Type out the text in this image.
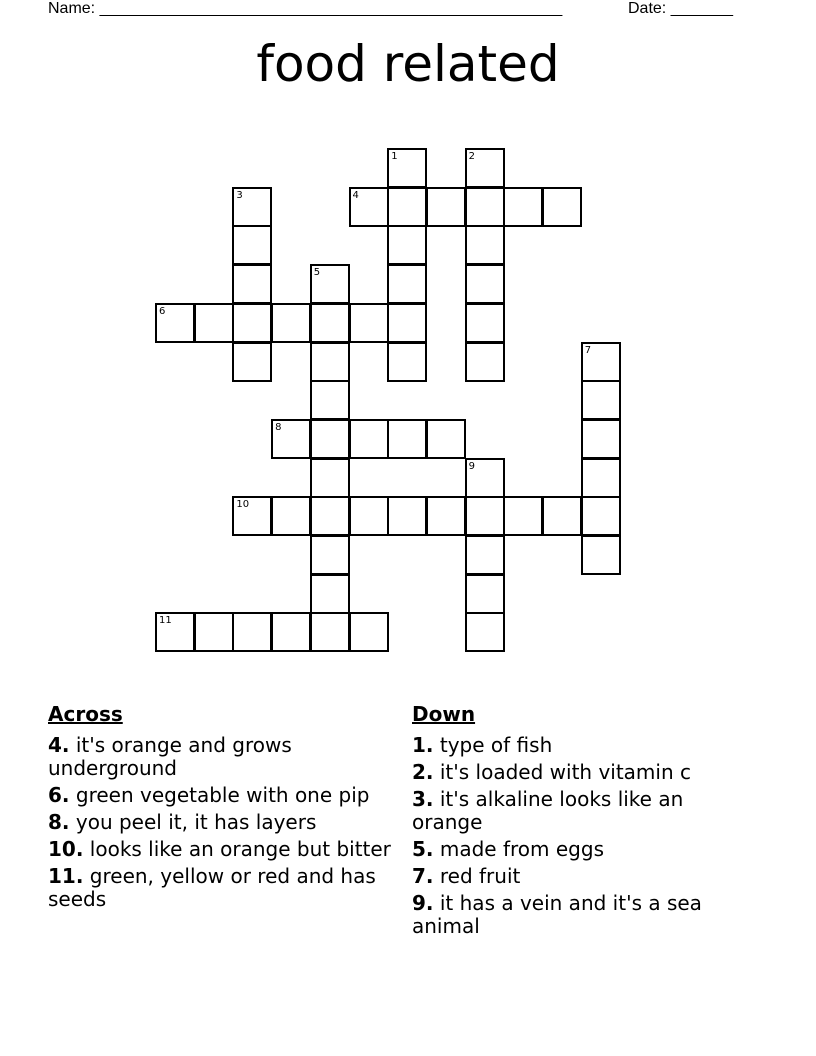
Name: ____________________________________________________	Date: _______
food related
1	2
3	4
5
6
7
8
9
10
11
Across
4. it's orange and grows underground
6. green vegetable with one pip
8. you peel it, it has layers
10. looks like an orange but bitter
11. green, yellow or red and has seeds
Down
1. type of fish
2. it's loaded with vitamin c
3. it's alkaline looks like an orange
5. made from eggs
7. red fruit
9. it has a vein and it's a sea animal
